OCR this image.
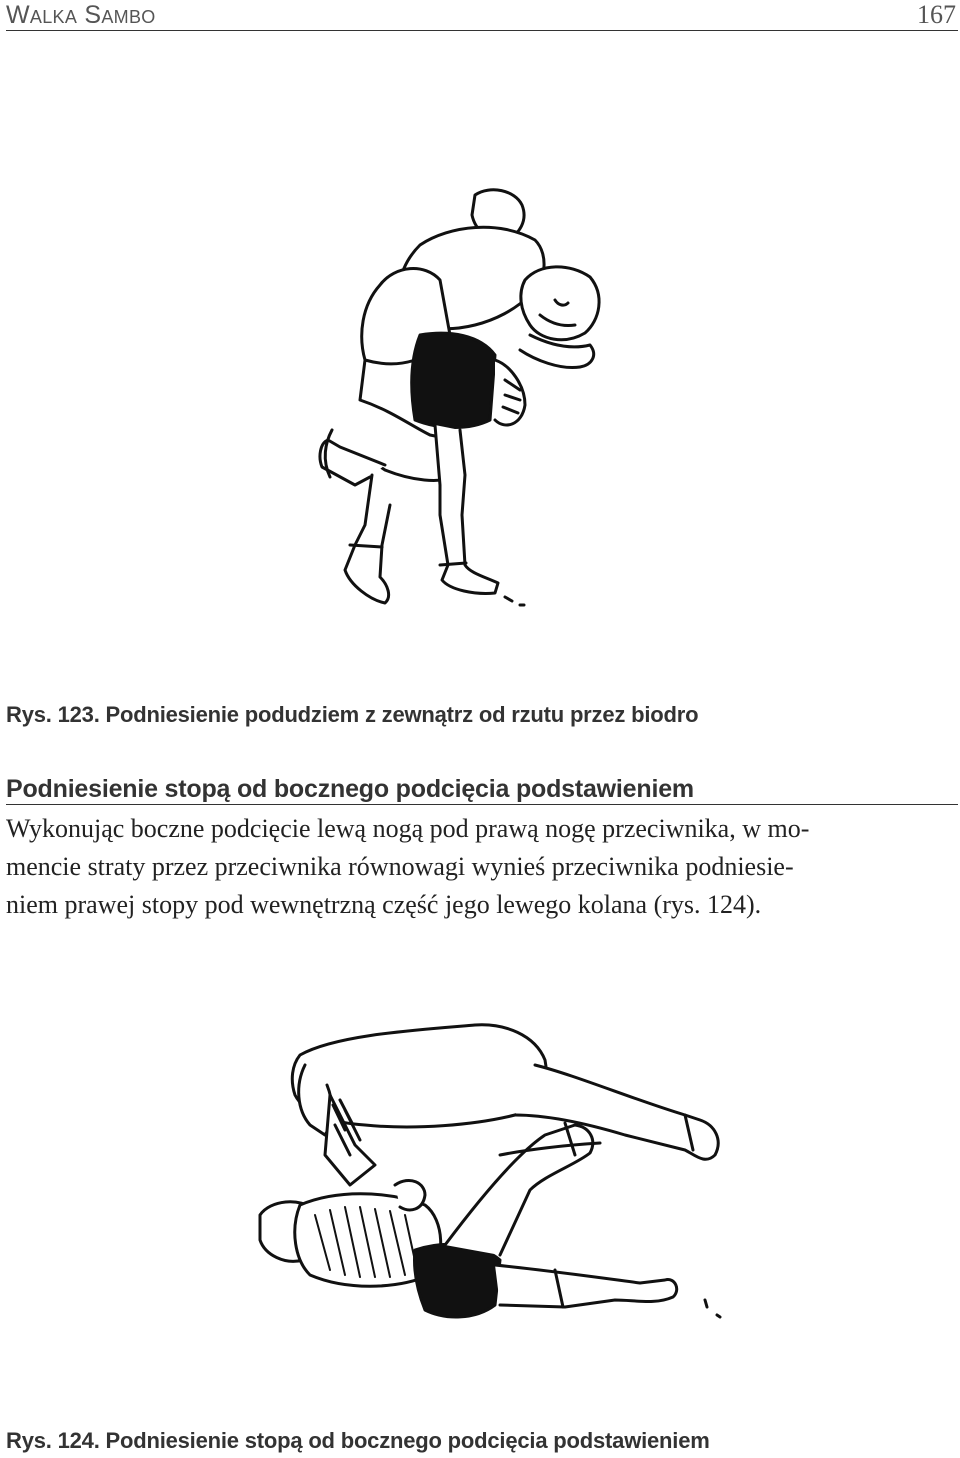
Walka Sambo	167
Rys. 123. Podniesienie podudziem z zewnątrz od rzutu przez biodro
Podniesienie stopą od bocznego podcięcia podstawieniem

Wykonując boczne podcięcie lewą nogą pod prawą nogę przeciwnika, w mo-
mencie straty przez przeciwnika równowagi wynieś przeciwnika podniesie-
niem prawej stopy pod wewnętrzną część jego lewego kolana (rys. 124).

Rys. 124. Podniesienie stopą od bocznego podcięcia podstawieniem
